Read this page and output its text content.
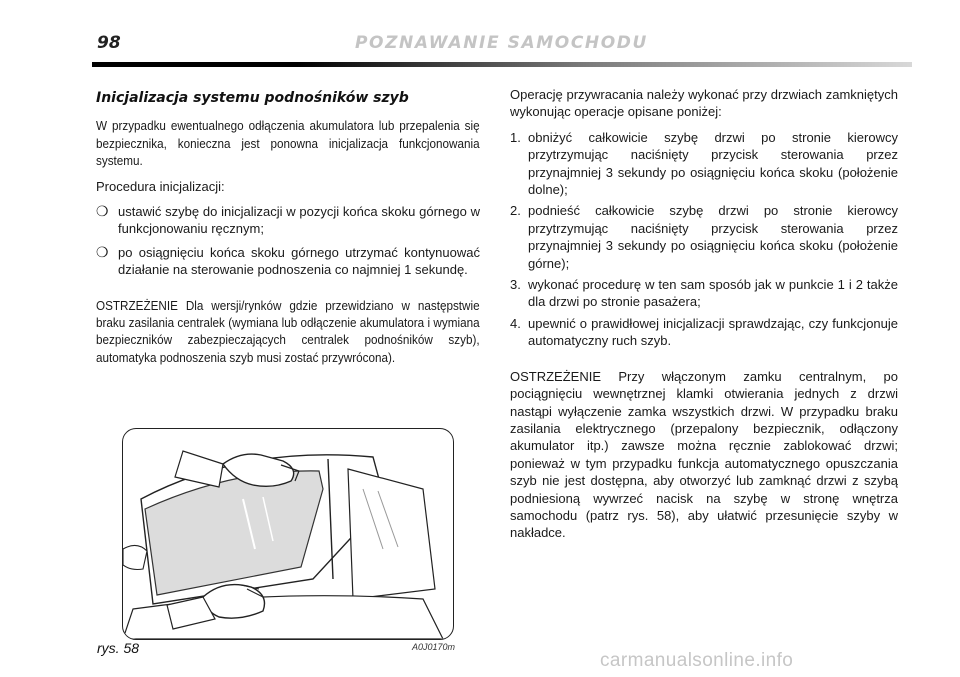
98	POZNAWANIE SAMOCHODU
Inicjalizacja systemu podnośników szyb

W przypadku ewentualnego odłączenia akumulatora lub przepalenia się bezpiecznika, konieczna jest ponowna inicjalizacja funkcjonowania systemu.

Procedura inicjalizacji:

❍ ustawić szybę do inicjalizacji w pozycji końca skoku górnego w funkcjonowaniu ręcznym;
❍ po osiągnięciu końca skoku górnego utrzymać kontynuować działanie na sterowanie podnoszenia co najmniej 1 sekundę.

OSTRZEŻENIE Dla wersji/rynków gdzie przewidziano w następstwie braku zasilania centralek (wymiana lub odłączenie akumulatora i wymiana bezpieczników zabezpieczających centralek podnośników szyb), automatyka podnoszenia szyb musi zostać przywrócona).

Operację przywracania należy wykonać przy drzwiach zamkniętych wykonując operacje opisane poniżej:

1. obniżyć całkowicie szybę drzwi po stronie kierowcy przytrzymując naciśnięty przycisk sterowania przez przynajmniej 3 sekundy po osiągnięciu końca skoku (położenie dolne);
2. podnieść całkowicie szybę drzwi po stronie kierowcy przytrzymując naciśnięty przycisk sterowania przez przynajmniej 3 sekundy po osiągnięciu końca skoku (położenie górne);
3. wykonać procedurę w ten sam sposób jak w punkcie 1 i 2 także dla drzwi po stronie pasażera;
4. upewnić o prawidłowej inicjalizacji sprawdzając, czy funkcjonuje automatyczny ruch szyb.

OSTRZEŻENIE Przy włączonym zamku centralnym, po pociągnięciu wewnętrznej klamki otwierania jednych z drzwi nastąpi wyłączenie zamka wszystkich drzwi. W przypadku braku zasilania elektrycznego (przepalony bezpiecznik, odłączony akumulator itp.) zawsze można ręcznie zablokować drzwi; ponieważ w tym przypadku funkcja automatycznego opuszczania szyb nie jest dostępna, aby otworzyć lub zamknąć drzwi z szybą podniesioną wywrzeć nacisk na szybę w stronę wnętrza samochodu (patrz rys. 58), aby ułatwić przesunięcie szyby w nakładce.

A0J0170m
rys. 58
carmanualsonline.info
